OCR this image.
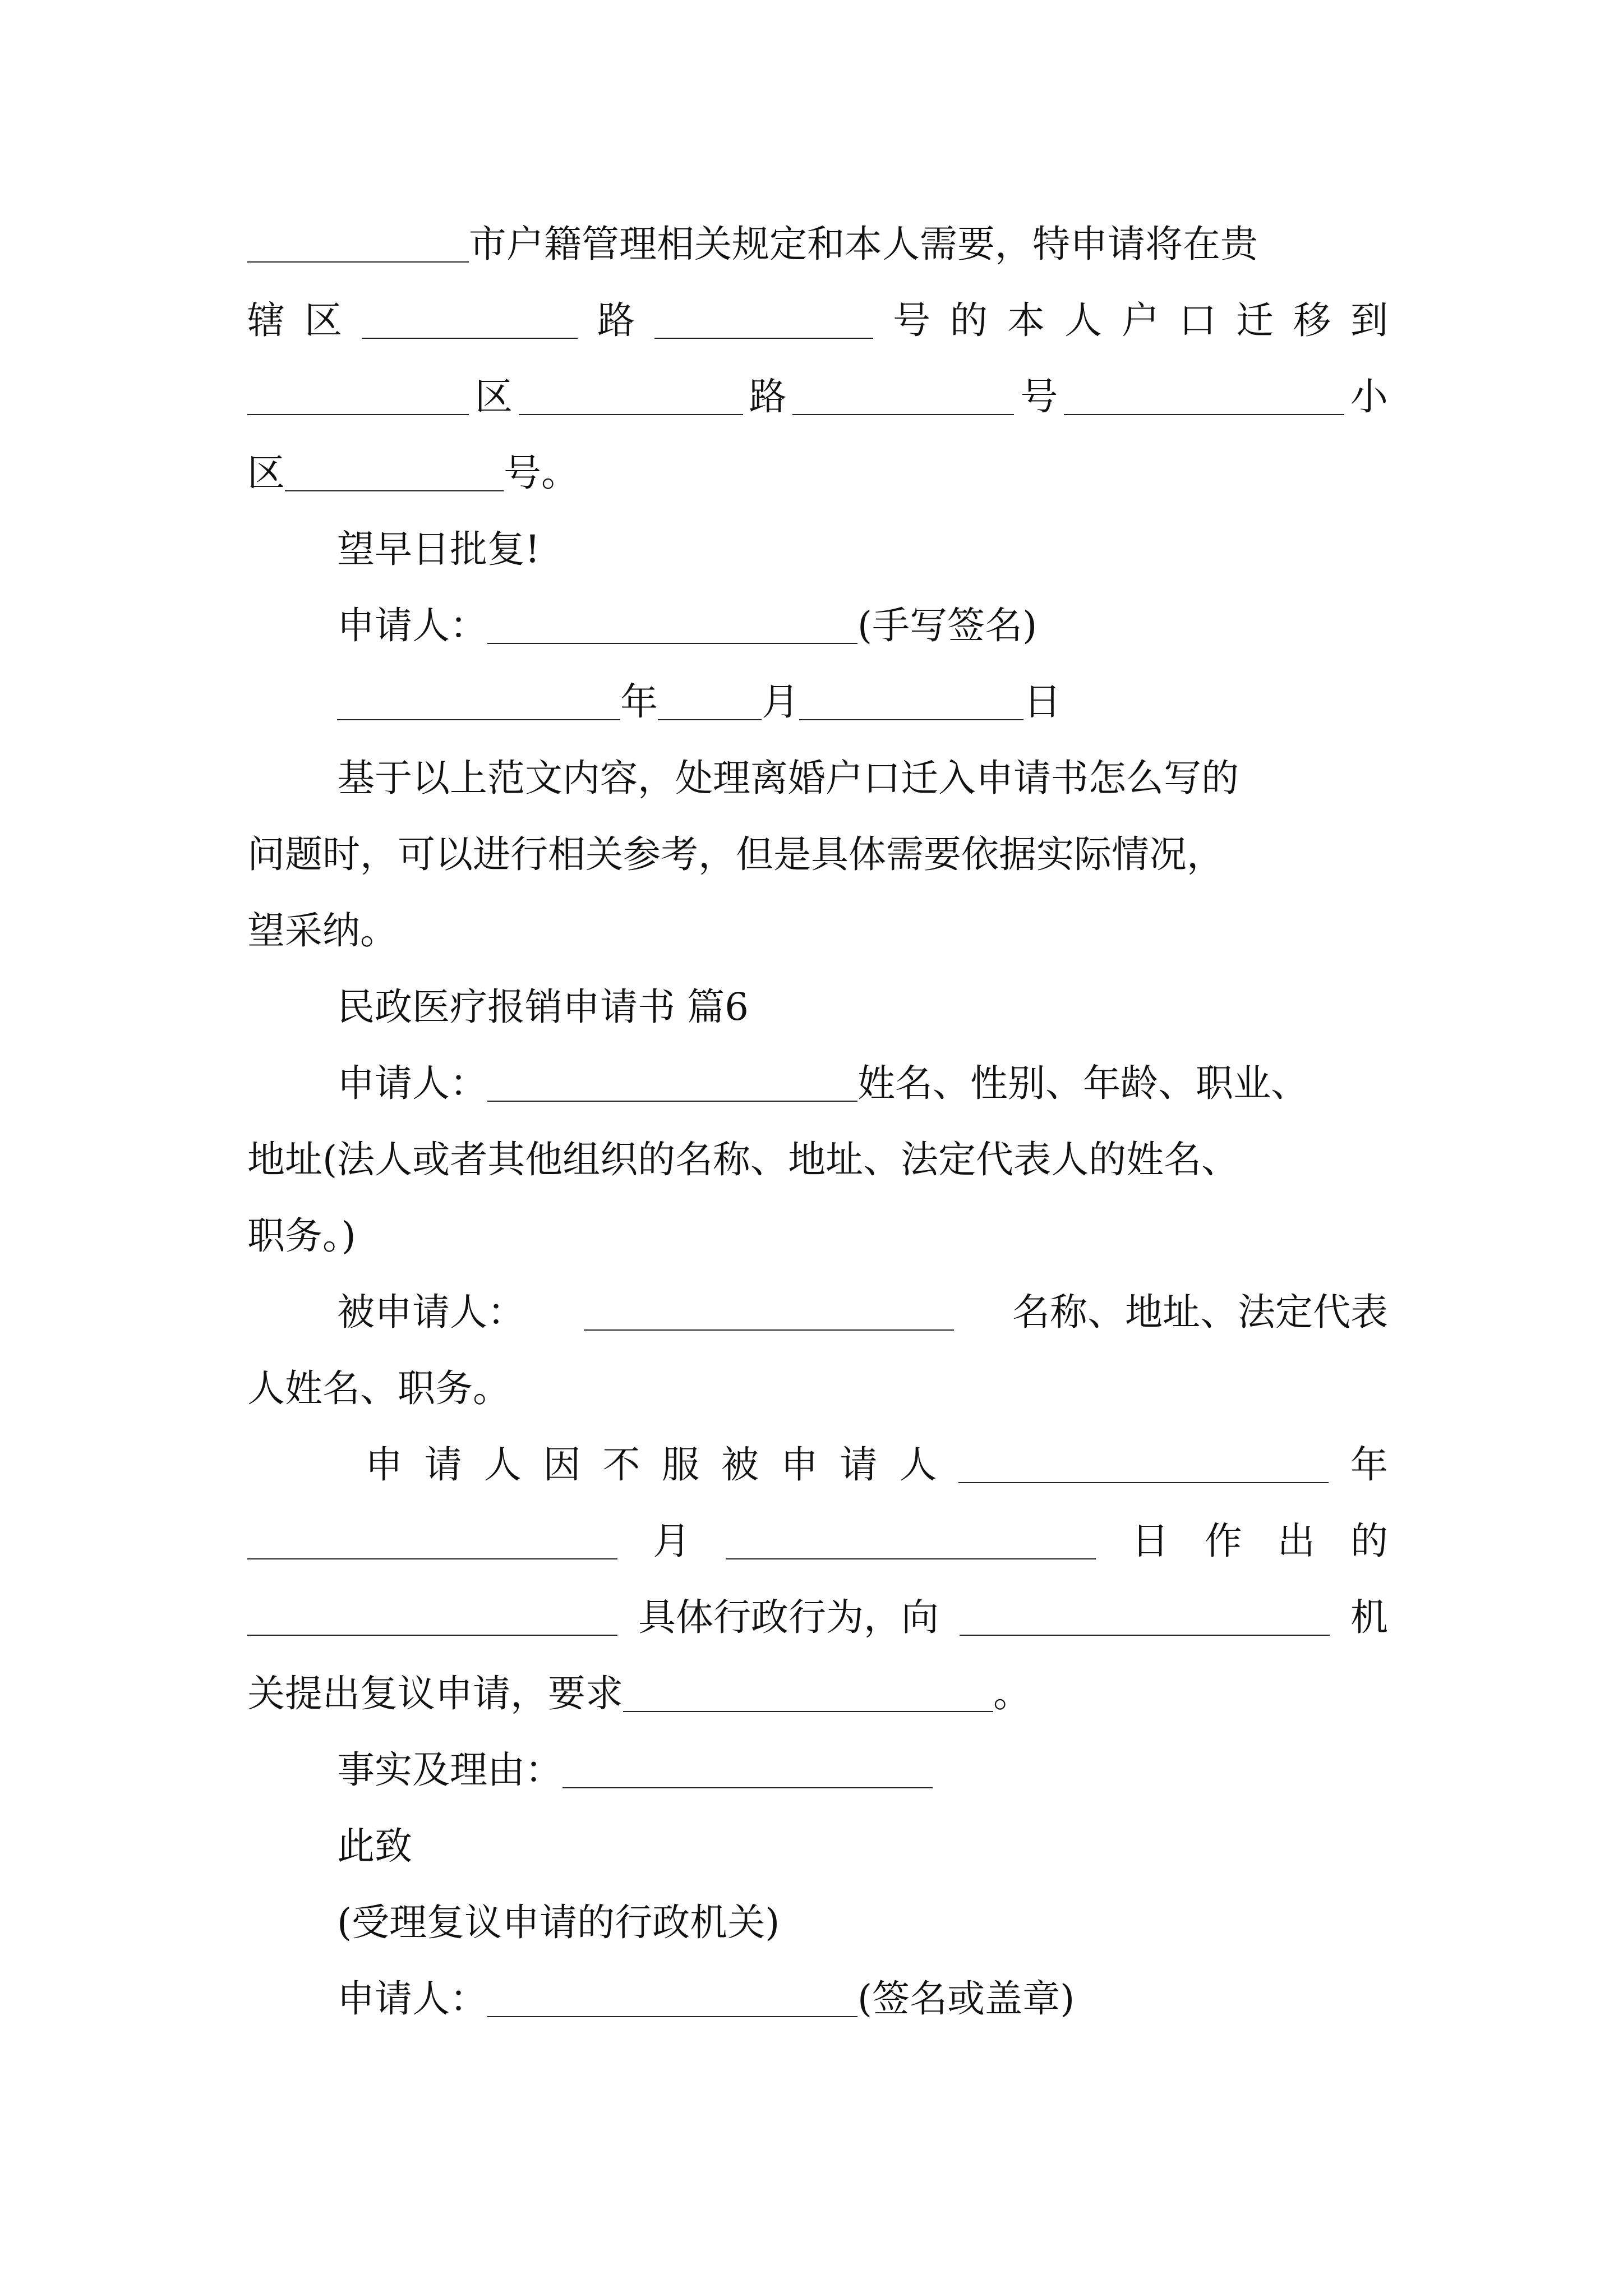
市户籍管理相关规定和本人需要，特申请将在贵
辖 区	路	号 的 本 人 户 口 迁 移 到
区	路	号	小
区	号。
望早日批复!
申请人：	(手写签名)
年	月	日
基于以上范文内容，处理离婚户口迁入申请书怎么写的
问题时，可以进行相关参考，但是具体需要依据实际情况，
望采纳。
民政医疗报销申请书 篇6
申请人：	姓名、性别、年龄、职业、
地址(法人或者其他组织的名称、地址、法定代表人的姓名、
职务。)
被申请人：	名称、地址、法定代表
人姓名、职务。
申 请 人 因 不 服 被 申 请 人	年
月	日 作 出 的
具体行政行为，向	机
关提出复议申请，要求	。
事实及理由：
此致
(受理复议申请的行政机关)
申请人：	(签名或盖章)
